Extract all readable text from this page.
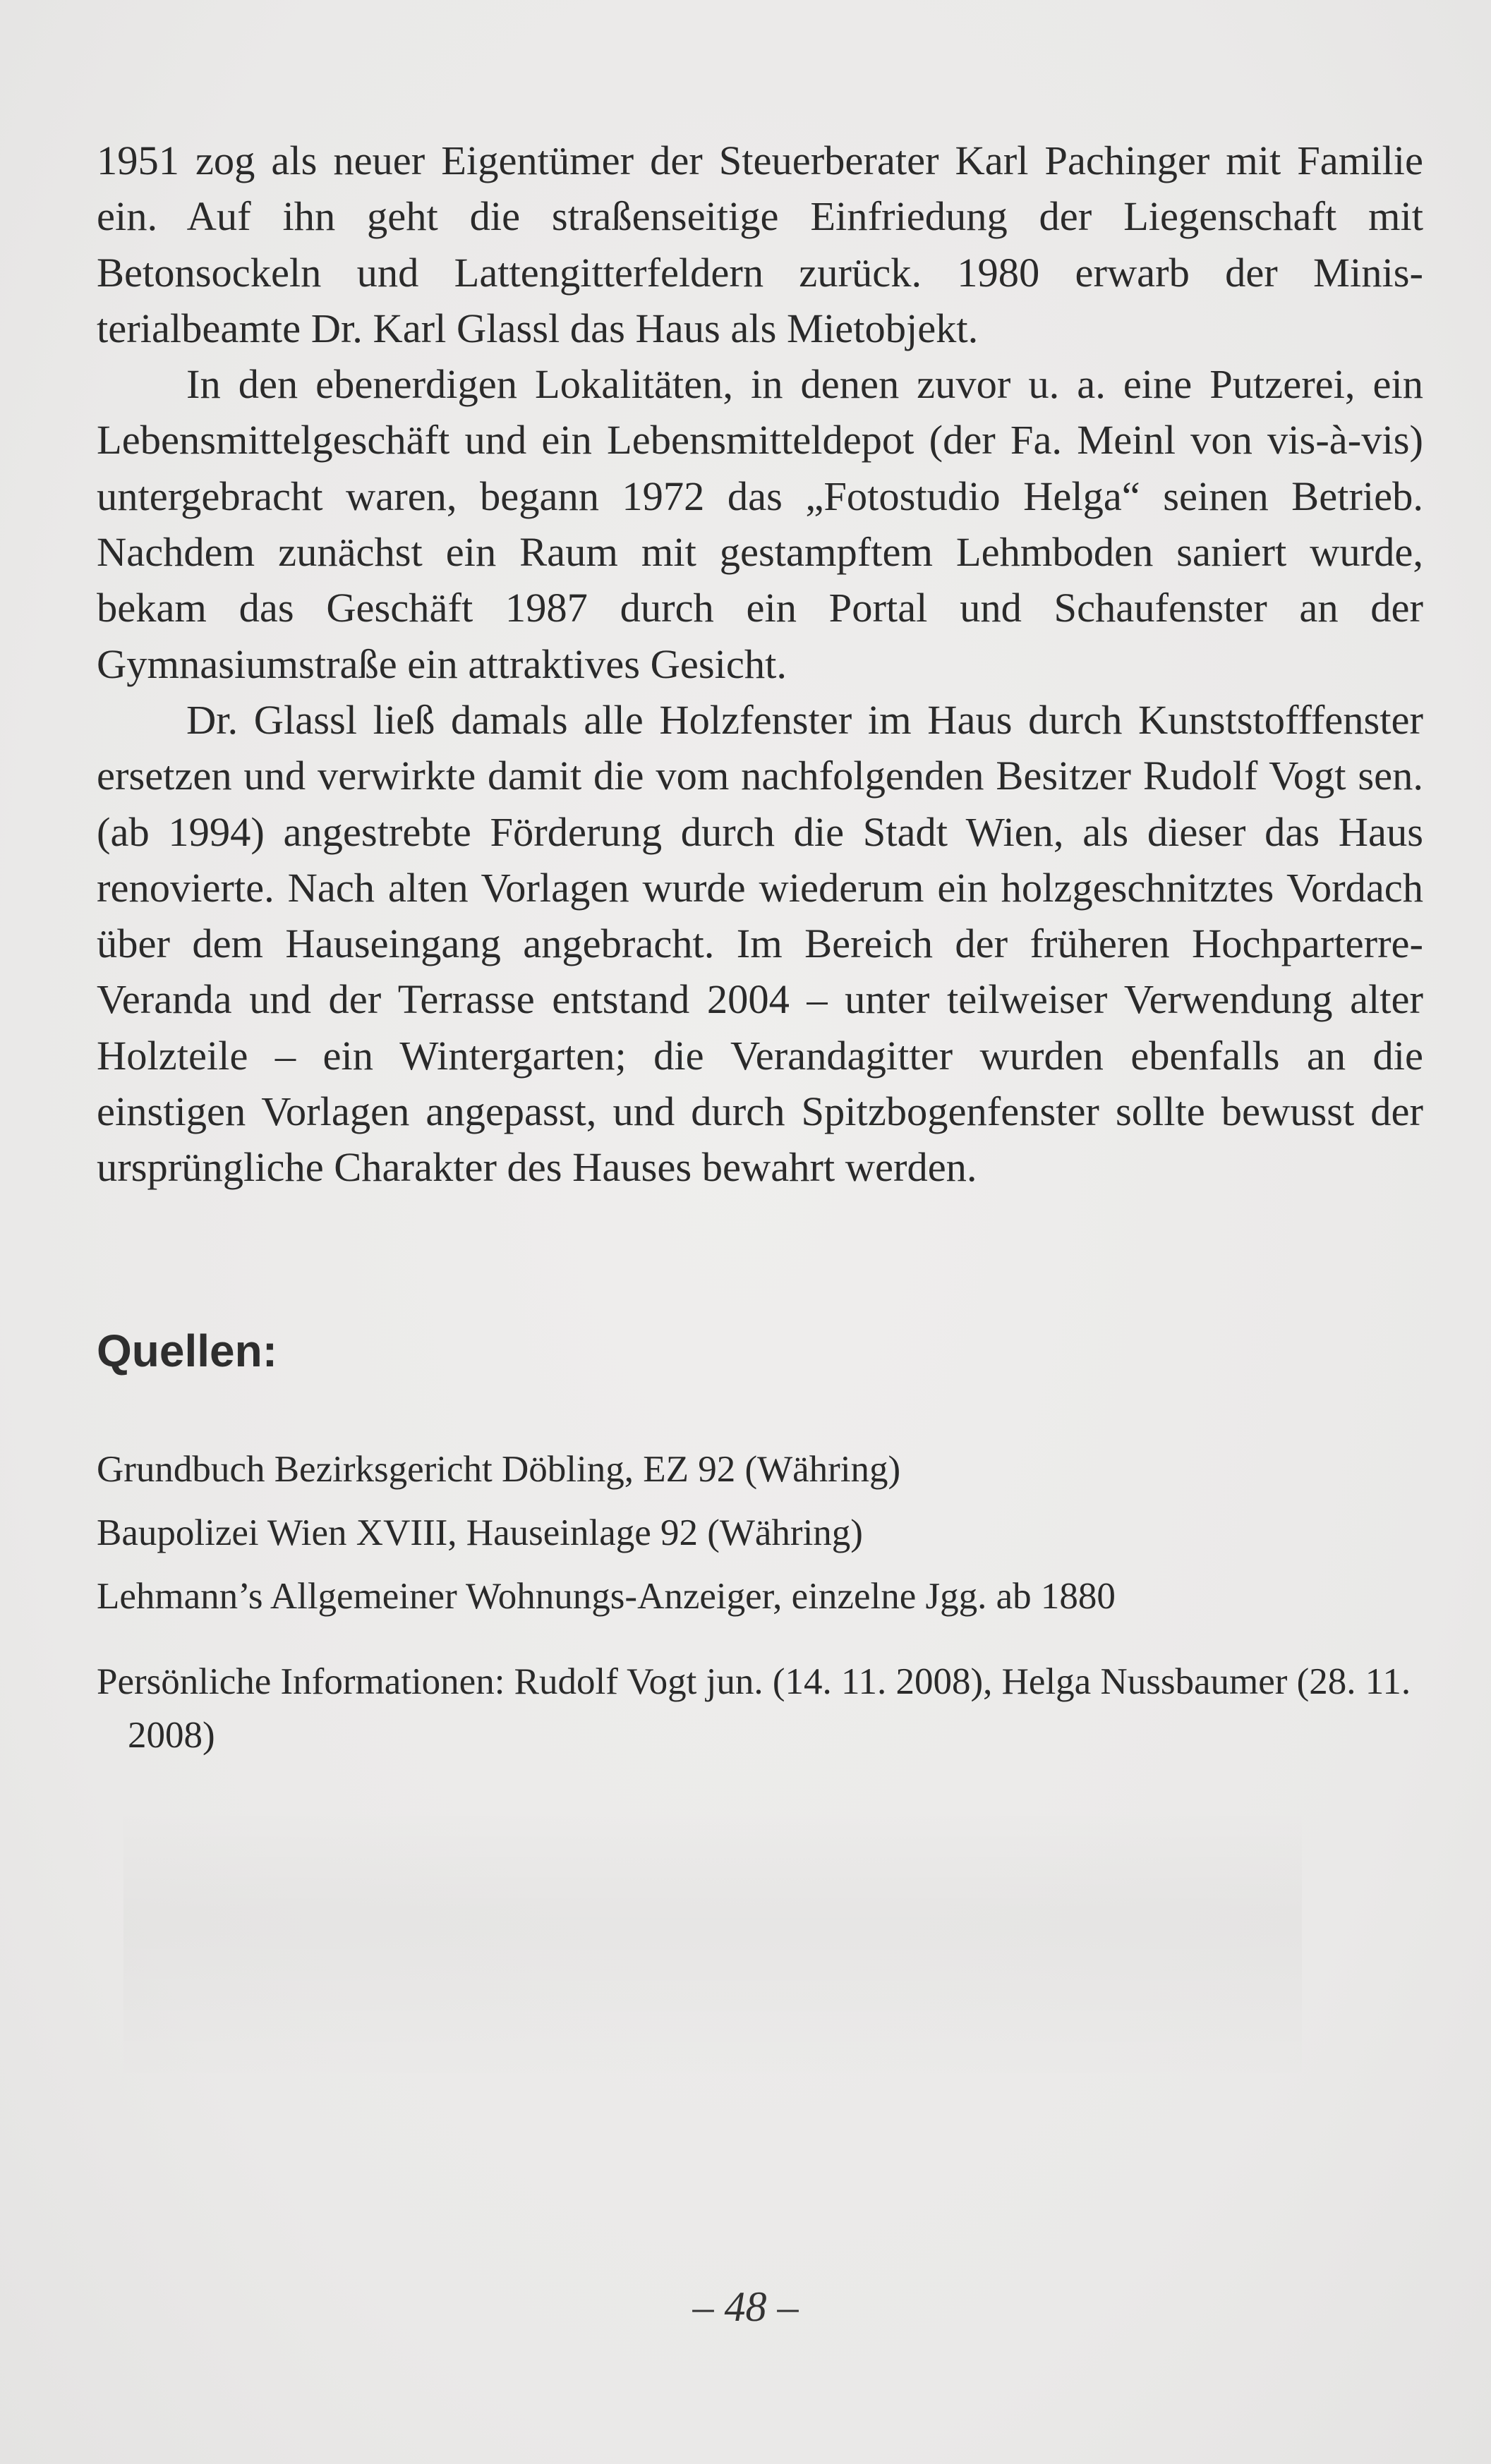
1951 zog als neuer Eigentümer der Steuerberater Karl Pachinger mit Familie ein. Auf ihn geht die straßenseitige Einfriedung der Liegenschaft mit Betonsockeln und Lattengitterfeldern zurück. 1980 erwarb der Ministerialbeamte Dr. Karl Glassl das Haus als Mietobjekt.

In den ebenerdigen Lokalitäten, in denen zuvor u. a. eine Putzerei, ein Lebensmittelgeschäft und ein Lebensmitteldepot (der Fa. Meinl von vis-à-vis) untergebracht waren, begann 1972 das „Fotostudio Helga“ seinen Betrieb. Nachdem zunächst ein Raum mit gestampftem Lehmboden saniert wurde, bekam das Geschäft 1987 durch ein Portal und Schaufenster an der Gymnasiumstraße ein attraktives Gesicht.

Dr. Glassl ließ damals alle Holzfenster im Haus durch Kunststofffenster ersetzen und verwirkte damit die vom nachfolgenden Besitzer Rudolf Vogt sen. (ab 1994) angestrebte Förderung durch die Stadt Wien, als dieser das Haus renovierte. Nach alten Vorlagen wurde wiederum ein holzgeschnitztes Vordach über dem Hauseingang angebracht. Im Bereich der früheren Hochparterre-Veranda und der Terrasse entstand 2004 – unter teilweiser Verwendung alter Holzteile – ein Wintergarten; die Verandagitter wurden ebenfalls an die einstigen Vorlagen angepasst, und durch Spitzbogenfenster sollte bewusst der ursprüngliche Charakter des Hauses bewahrt werden.

Quellen:

Grundbuch Bezirksgericht Döbling, EZ 92 (Währing)

Baupolizei Wien XVIII, Hauseinlage 92 (Währing)

Lehmann’s Allgemeiner Wohnungs-Anzeiger, einzelne Jgg. ab 1880

Persönliche Informationen: Rudolf Vogt jun. (14. 11. 2008), Helga Nussbaumer (28. 11. 2008)

– 48 –
